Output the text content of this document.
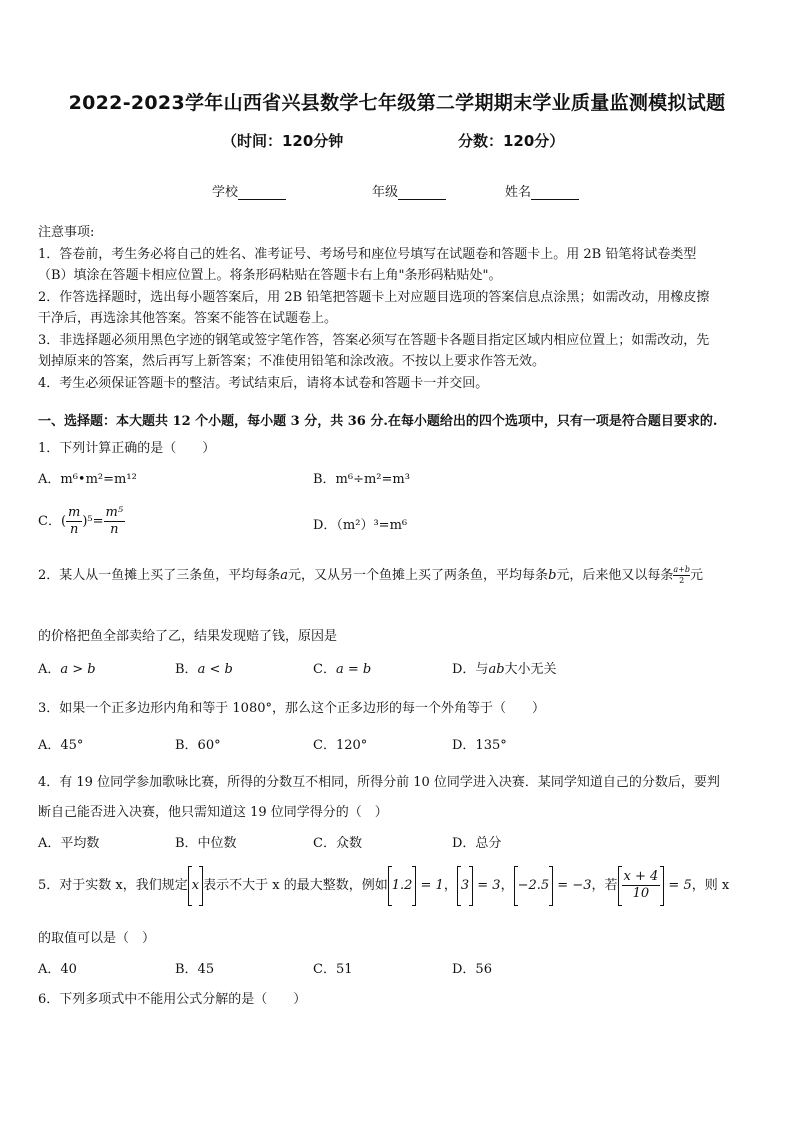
2022-2023学年山西省兴县数学七年级第二学期期末学业质量监测模拟试题
（时间：120分钟	分数：120分）
学校	年级	姓名

注意事项:

1．答卷前，考生务必将自己的姓名、准考证号、考场号和座位号填写在试题卷和答题卡上。用 2B 铅笔将试卷类型

（B）填涂在答题卡相应位置上。将条形码粘贴在答题卡右上角"条形码粘贴处"。

2．作答选择题时，选出每小题答案后，用 2B 铅笔把答题卡上对应题目选项的答案信息点涂黑；如需改动，用橡皮擦

干净后，再选涂其他答案。答案不能答在试题卷上。

3．非选择题必须用黑色字迹的钢笔或签字笔作答，答案必须写在答题卡各题目指定区域内相应位置上；如需改动，先

划掉原来的答案，然后再写上新答案；不准使用铅笔和涂改液。不按以上要求作答无效。

4．考生必须保证答题卡的整洁。考试结束后，请将本试卷和答题卡一并交回。

一、选择题：本大题共 12 个小题，每小题 3 分，共 36 分.在每小题给出的四个选项中，只有一项是符合题目要求的.
1．下列计算正确的是（　　）
A．m⁶•m²=m¹²	B．m⁶÷m²=m³
C．( $\frac{m}{n} )^5= \frac{\text{m⁵}}{n}$	D．（m²）³=m⁶
2．某人从一鱼摊上买了三条鱼，平均每条a元，又从另一个鱼摊上买了两条鱼，平均每条b元，后来他又以每条 $\frac{a+b}{2}$元
的价格把鱼全部卖给了乙，结果发现赔了钱，原因是
A．a > b	B．a < b	C．a = b	D．与ab大小无关
3．如果一个正多边形内角和等于 1080°，那么这个正多边形的每一个外角等于（　　）
A．45°	B．60°	C．120°	D．135°
4．有 19 位同学参加歌咏比赛，所得的分数互不相同，所得分前 10 位同学进入决赛．某同学知道自己的分数后，要判
断自己能否进入决赛，他只需知道这 19 位同学得分的（　）
A．平均数	B．中位数	C．众数	D．总分
5．对于实数 x，我们规定 x 表示不大于 x 的最大整数，例如 1.2 = 1， 3 = 3， −2.5 = −3，若 $\frac{x + 4}{10} = 5$，则 x
的取值可以是（　）
A．40	B．45	C．51	D．56
6．下列多项式中不能用公式分解的是（　　）
